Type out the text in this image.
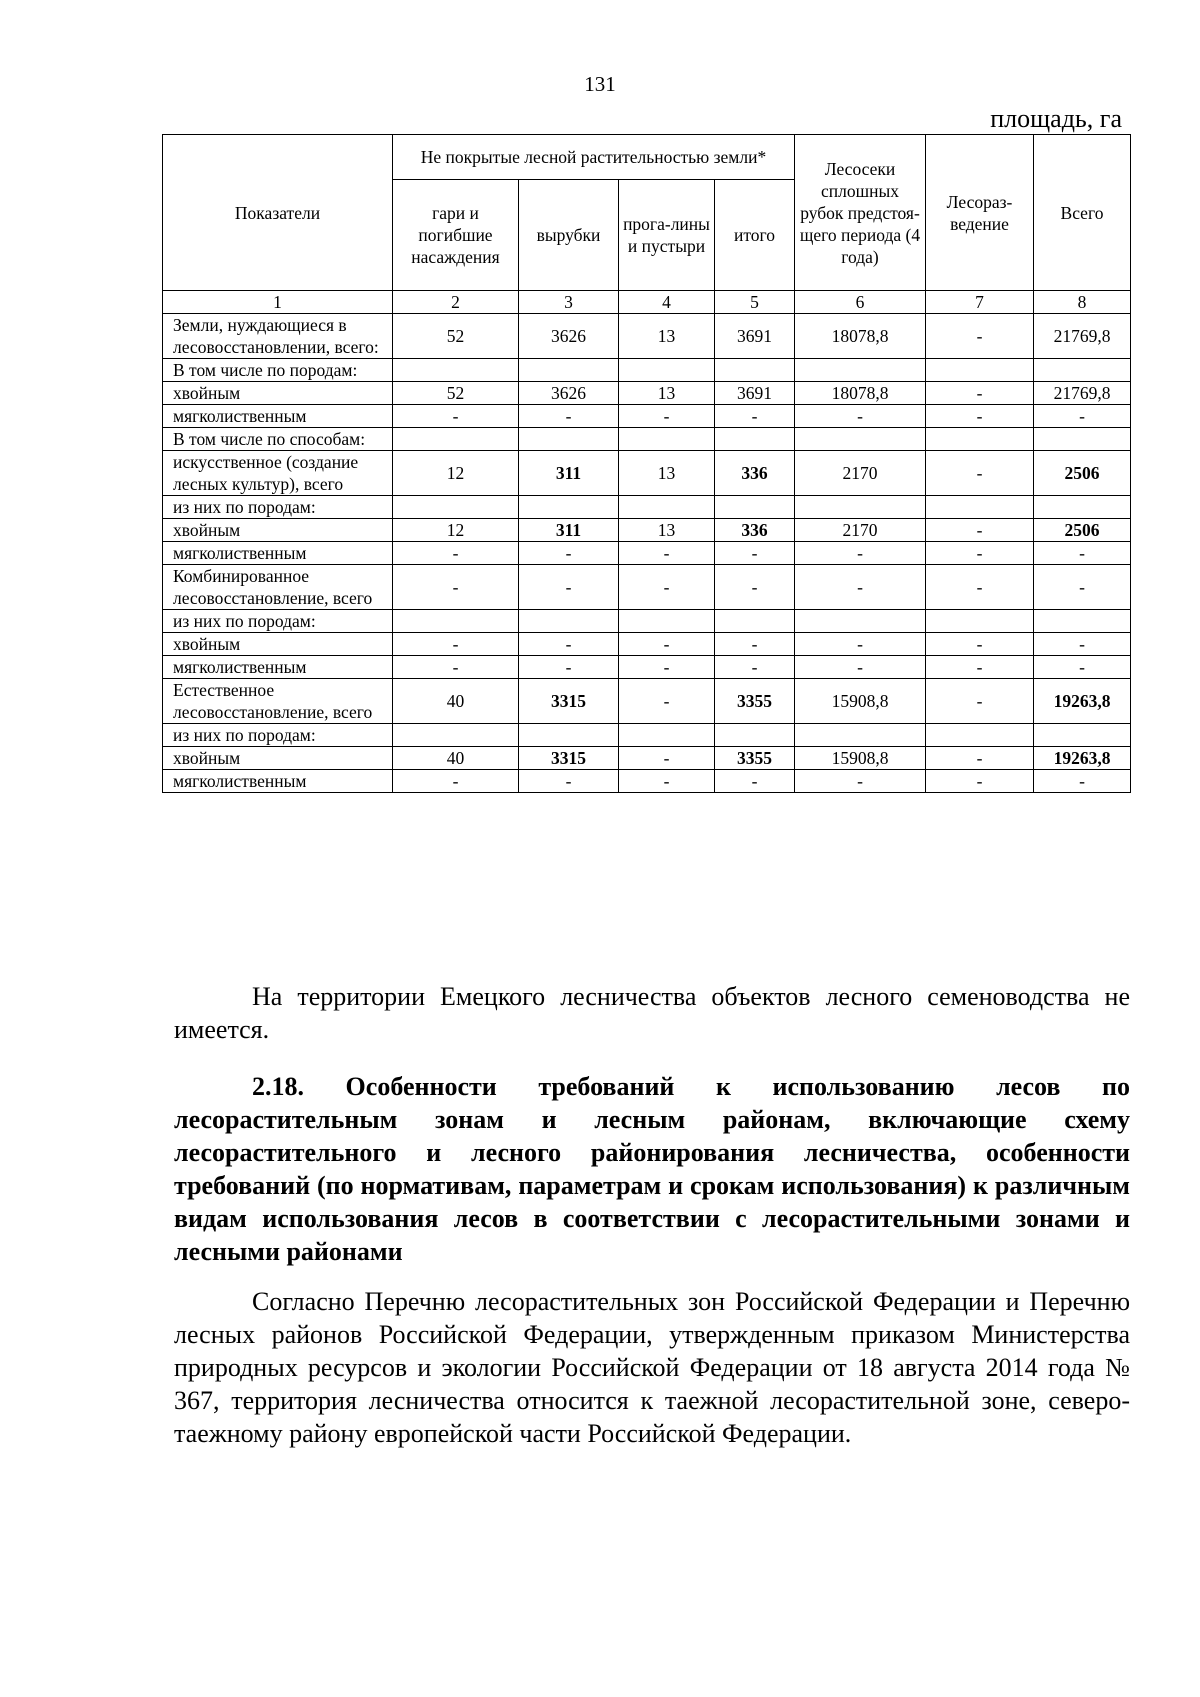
131
площадь, га
Показатели	Не покрытые лесной растительностью земли*				Лесосеки сплошных рубок предстоя-щего периода (4 года)	Лесораз-ведение	Всего
	гари и погибшие насаждения	вырубки	прога-лины и пустыри	итого			
1	2	3	4	5	6	7	8
Земли, нуждающиеся в лесовосстановлении, всего:	52	3626	13	3691	18078,8	-	21769,8
В том числе по породам:							
хвойным	52	3626	13	3691	18078,8	-	21769,8
мягколиственным	-	-	-	-	-	-	-
В том числе по способам:							
искусственное (создание лесных культур), всего	12	311	13	336	2170	-	2506
из них по породам:							
хвойным	12	311	13	336	2170	-	2506
мягколиственным	-	-	-	-	-	-	-
Комбинированное лесовосстановление, всего	-	-	-	-	-	-	-
из них по породам:							
хвойным	-	-	-	-	-	-	-
мягколиственным	-	-	-	-	-	-	-
Естественное лесовосстановление, всего	40	3315	-	3355	15908,8	-	19263,8
из них по породам:							
хвойным	40	3315	-	3355	15908,8	-	19263,8
мягколиственным	-	-	-	-	-	-	-

На территории Емецкого лесничества объектов лесного семеноводства не имеется.

2.18. Особенности требований к использованию лесов по лесорастительным зонам и лесным районам, включающие схему лесорастительного и лесного районирования лесничества, особенности требований (по нормативам, параметрам и срокам использования) к различным видам использования лесов в соответствии с лесорастительными зонами и лесными районами

Согласно Перечню лесорастительных зон Российской Федерации и Перечню лесных районов Российской Федерации, утвержденным приказом Министерства природных ресурсов и экологии Российской Федерации от 18 августа 2014 года № 367, территория лесничества относится к таежной лесорастительной зоне, северо-таежному району европейской части Российской Федерации.
